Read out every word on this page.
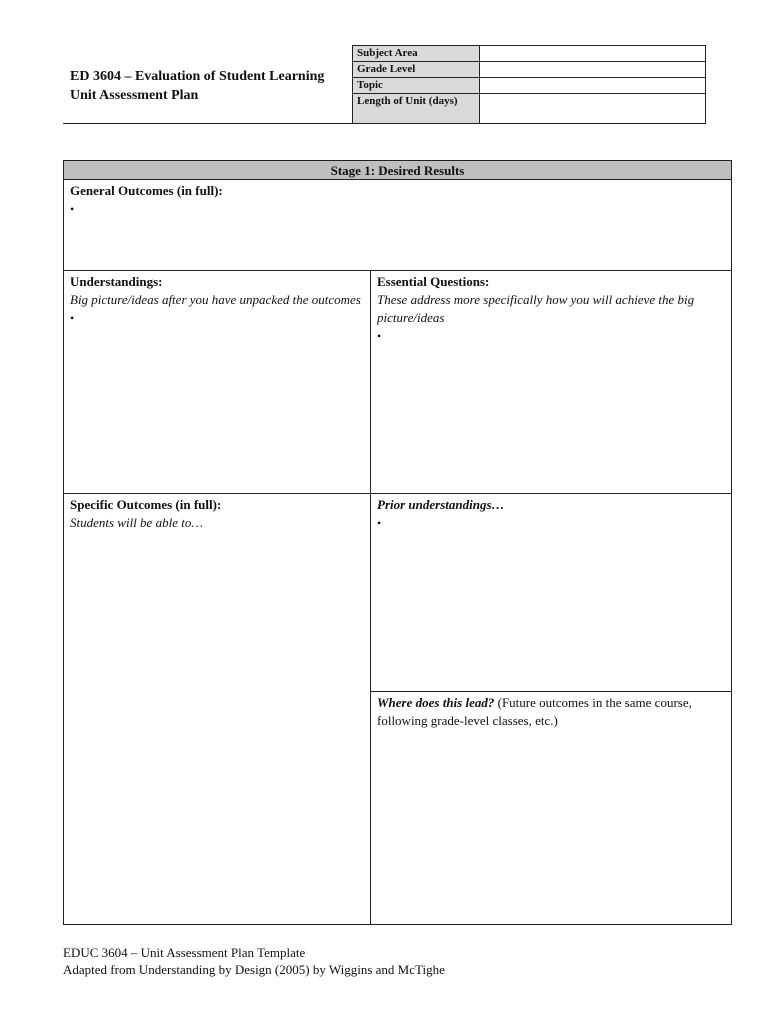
ED 3604 – Evaluation of Student Learning
Unit Assessment Plan
Subject Area	
Grade Level	
Topic	
Length of Unit (days)	
Stage 1: Desired Results
General Outcomes (in full):
•
Understandings:
Big picture/ideas after you have unpacked the outcomes
•
Essential Questions:
These address more specifically how you will achieve the big picture/ideas
•
Specific Outcomes (in full):
Students will be able to…
Prior understandings…
•
Where does this lead? (Future outcomes in the same course, following grade-level classes, etc.)
EDUC 3604 – Unit Assessment Plan Template
Adapted from Understanding by Design (2005) by Wiggins and McTighe
